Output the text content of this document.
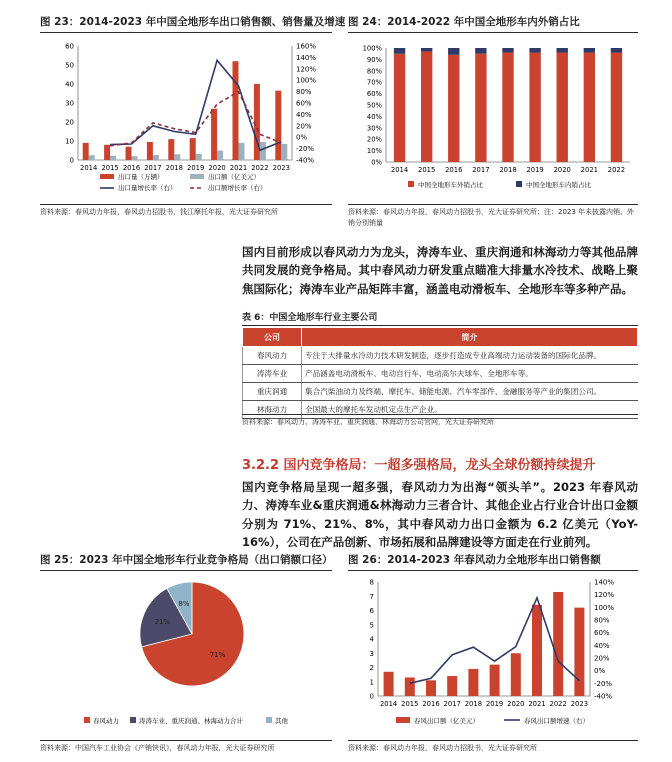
图 23：2014-2023 年中国全地形车出口销售额、销售量及增速
0
10
20
30
40
50
60
-40%
-20%
0%
20%
40%
60%
80%
100%
120%
140%
160%
2014 2015 2016 2017 2018 2019 2020 2021 2022 2023
出口量（万辆）	出口额（亿美元）
出口量增长率（右）	出口额增长率（右）
资料来源：春风动力年报，春风动力招股书，钱江摩托年报，光大证券研究所
图 24：2014-2022 年中国全地形车内外销占比
0%
10%
20%
30%
40%
50%
60%
70%
80%
90%
100%
2014 2015 2016 2017 2018 2019 2020 2021 2022
中国全地形车外销占比	中国全地形车内销占比
资料来源：春风动力年报，春风动力招股书，光大证券研究所；注：2023 年未披露内销、外销分别销量
国内目前形成以春风动力为龙头，涛涛车业、重庆润通和林海动力等其他品牌共同发展的竞争格局。其中春风动力研发重点瞄准大排量水冷技术、战略上聚焦国际化；涛涛车业产品矩阵丰富，涵盖电动滑板车、全地形车等多种产品。
表 6：中国全地形车行业主要公司
公司	简介
春风动力	专注于大排量水冷动力技术研发制造，逐步打造成专业高端动力运动装备的国际化品牌。
涛涛车业	产品涵盖电动滑板车、电动自行车、电动高尔夫球车、全地形车等。
重庆润通	集合汽柴油动力及终端、摩托车、储能电源、汽车零部件、金融服务等产业的集团公司。
林海动力	全国最大的摩托车发动机定点生产企业。
资料来源：春风动力、涛涛车业、重庆润通、林海动力公司官网，光大证券研究所
3.2.2 国内竞争格局：一超多强格局，龙头全球份额持续提升
国内竞争格局呈现一超多强，春风动力为出海“领头羊”。2023 年春风动力、涛涛车业&重庆润通&林海动力三者合计、其他企业占行业合计出口金额分别为 71%、21%、8%，其中春风动力出口金额为 6.2 亿美元（YoY-16%），公司在产品创新、市场拓展和品牌建设等方面走在行业前列。
图 25：2023 年中国全地形车行业竞争格局（出口销额口径）
71%
21%
8%
春风动力	涛涛车业、重庆润通、林海动力合计	其他
资料来源：中国汽车工业协会《产销快讯》，春风动力年报，光大证券研究所
图 26：2014-2023 年春风动力全地形车出口销售额
0
1
2
3
4
5
6
7
8
-40%
-20%
0%
20%
40%
60%
80%
100%
120%
140%
2014 2015 2016 2017 2018 2019 2020 2021 2022 2023
春风出口额（亿美元）	春风出口额增速（右）
资料来源：春风动力年报，春风动力招股书，光大证券研究所
